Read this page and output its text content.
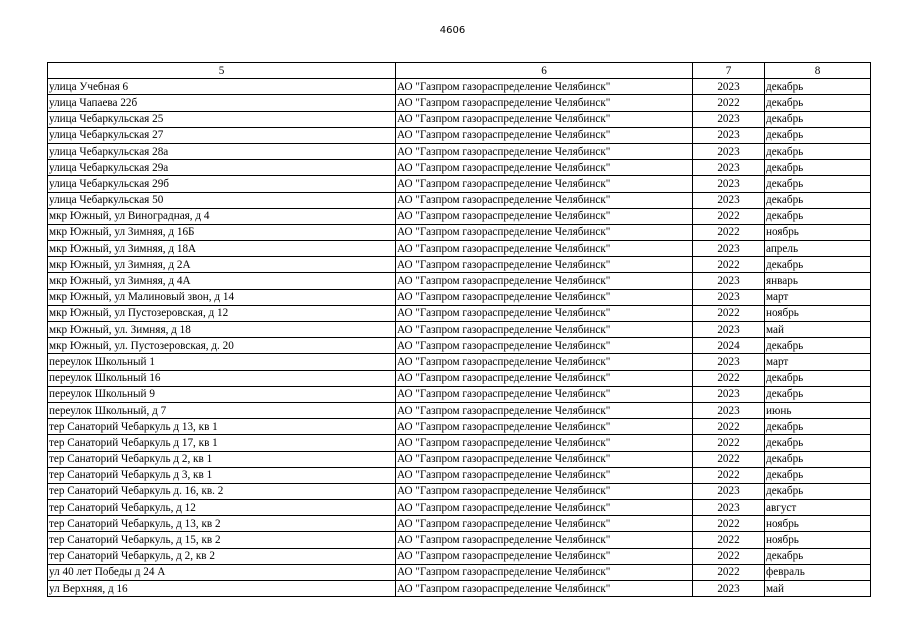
4606
5	6	7	8
улица Учебная 6	АО "Газпром газораспределение Челябинск"	2023	декабрь
улица Чапаева 22б	АО "Газпром газораспределение Челябинск"	2022	декабрь
улица Чебаркульская 25	АО "Газпром газораспределение Челябинск"	2023	декабрь
улица Чебаркульская 27	АО "Газпром газораспределение Челябинск"	2023	декабрь
улица Чебаркульская 28а	АО "Газпром газораспределение Челябинск"	2023	декабрь
улица Чебаркульская 29а	АО "Газпром газораспределение Челябинск"	2023	декабрь
улица Чебаркульская 29б	АО "Газпром газораспределение Челябинск"	2023	декабрь
улица Чебаркульская 50	АО "Газпром газораспределение Челябинск"	2023	декабрь
мкр Южный, ул Виноградная, д 4	АО "Газпром газораспределение Челябинск"	2022	декабрь
мкр Южный, ул Зимняя, д 16Б	АО "Газпром газораспределение Челябинск"	2022	ноябрь
мкр Южный, ул Зимняя, д 18А	АО "Газпром газораспределение Челябинск"	2023	апрель
мкр Южный, ул Зимняя, д 2А	АО "Газпром газораспределение Челябинск"	2022	декабрь
мкр Южный, ул Зимняя, д 4А	АО "Газпром газораспределение Челябинск"	2023	январь
мкр Южный, ул Малиновый звон, д 14	АО "Газпром газораспределение Челябинск"	2023	март
мкр Южный, ул Пустозеровская, д 12	АО "Газпром газораспределение Челябинск"	2022	ноябрь
мкр Южный, ул. Зимняя, д 18	АО "Газпром газораспределение Челябинск"	2023	май
мкр Южный, ул. Пустозеровская, д. 20	АО "Газпром газораспределение Челябинск"	2024	декабрь
переулок Школьный 1	АО "Газпром газораспределение Челябинск"	2023	март
переулок Школьный 16	АО "Газпром газораспределение Челябинск"	2022	декабрь
переулок Школьный 9	АО "Газпром газораспределение Челябинск"	2023	декабрь
переулок Школьный, д 7	АО "Газпром газораспределение Челябинск"	2023	июнь
тер Санаторий Чебаркуль д 13, кв 1	АО "Газпром газораспределение Челябинск"	2022	декабрь
тер Санаторий Чебаркуль д 17, кв 1	АО "Газпром газораспределение Челябинск"	2022	декабрь
тер Санаторий Чебаркуль д 2, кв 1	АО "Газпром газораспределение Челябинск"	2022	декабрь
тер Санаторий Чебаркуль д 3, кв 1	АО "Газпром газораспределение Челябинск"	2022	декабрь
тер Санаторий Чебаркуль д. 16, кв. 2	АО "Газпром газораспределение Челябинск"	2023	декабрь
тер Санаторий Чебаркуль, д 12	АО "Газпром газораспределение Челябинск"	2023	август
тер Санаторий Чебаркуль, д 13, кв 2	АО "Газпром газораспределение Челябинск"	2022	ноябрь
тер Санаторий Чебаркуль, д 15, кв 2	АО "Газпром газораспределение Челябинск"	2022	ноябрь
тер Санаторий Чебаркуль, д 2, кв 2	АО "Газпром газораспределение Челябинск"	2022	декабрь
ул 40 лет Победы д 24 А	АО "Газпром газораспределение Челябинск"	2022	февраль
ул Верхняя, д 16	АО "Газпром газораспределение Челябинск"	2023	май
